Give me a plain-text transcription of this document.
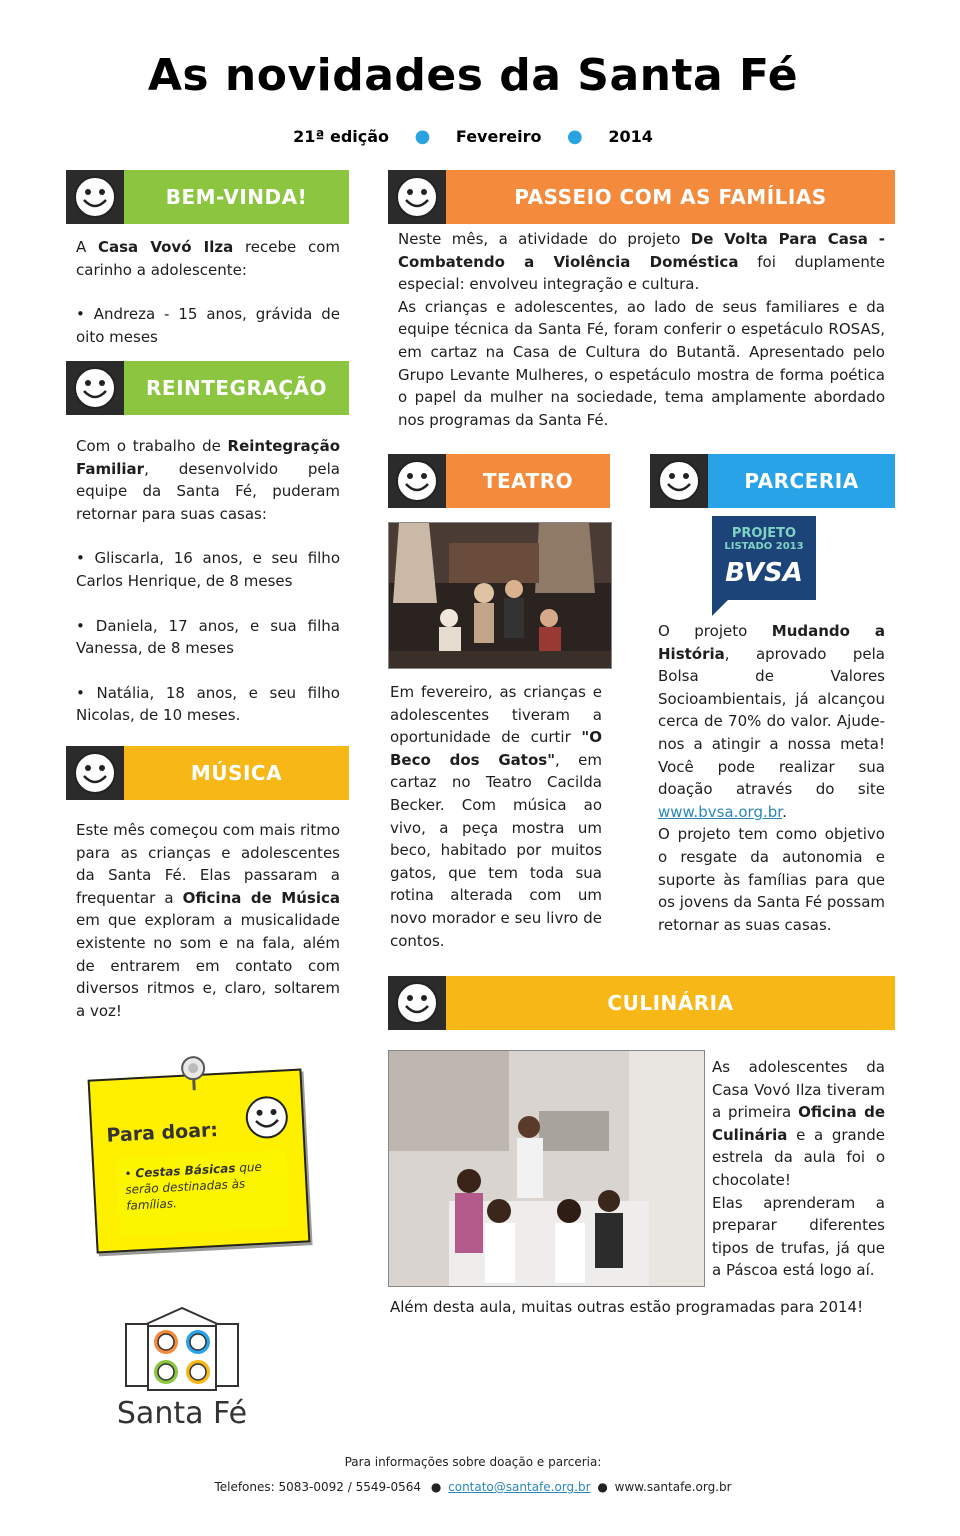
As novidades da Santa Fé
21ª edição ● Fevereiro ● 2014
BEM-VINDA!

A Casa Vovó Ilza recebe com carinho a adolescente:

• Andreza - 15 anos, grávida de oito meses

REINTEGRAÇÃO

Com o trabalho de Reintegração Familiar, desenvolvido pela equipe da Santa Fé, puderam retornar para suas casas:

• Gliscarla, 16 anos, e seu filho Carlos Henrique, de 8 meses

• Daniela, 17 anos, e sua filha Vanessa, de 8 meses

• Natália, 18 anos, e seu filho Nicolas, de 10 meses.

MÚSICA

Este mês começou com mais ritmo para as crianças e adolescentes da Santa Fé. Elas passaram a frequentar a Oficina de Música em que exploram a musicalidade existente no som e na fala, além de entrarem em contato com diversos ritmos e, claro, soltarem a voz!

Para doar:
• Cestas Básicas que serão destinadas às famílias.
Santa Fé
PASSEIO COM AS FAMÍLIAS

Neste mês, a atividade do projeto De Volta Para Casa - Combatendo a Violência Doméstica foi duplamente especial: envolveu integração e cultura.

As crianças e adolescentes, ao lado de seus familiares e da equipe técnica da Santa Fé, foram conferir o espetáculo ROSAS, em cartaz na Casa de Cultura do Butantã. Apresentado pelo Grupo Levante Mulheres, o espetáculo mostra de forma poética o papel da mulher na sociedade, tema amplamente abordado nos programas da Santa Fé.

TEATRO

Em fevereiro, as crianças e adolescentes tiveram a oportunidade de curtir "O Beco dos Gatos", em cartaz no Teatro Cacilda Becker. Com música ao vivo, a peça mostra um beco, habitado por muitos gatos, que tem toda sua rotina alterada com um novo morador e seu livro de contos.

PARCERIA
PROJETO
LISTADO 2013
BVSA

O projeto Mudando a História, aprovado pela Bolsa de Valores Socioambientais, já alcançou cerca de 70% do valor. Ajude-nos a atingir a nossa meta! Você pode realizar sua doação através do site www.bvsa.org.br.

O projeto tem como objetivo o resgate da autonomia e suporte às famílias para que os jovens da Santa Fé possam retornar as suas casas.

CULINÁRIA

As adolescentes da Casa Vovó Ilza tiveram a primeira Oficina de Culinária e a grande estrela da aula foi o chocolate!

Elas aprenderam a preparar diferentes tipos de trufas, já que a Páscoa está logo aí.

Além desta aula, muitas outras estão programadas para 2014!
Para informações sobre doação e parceria:
Telefones: 5083-0092 / 5549-0564 ● contato@santafe.org.br ● www.santafe.org.br
